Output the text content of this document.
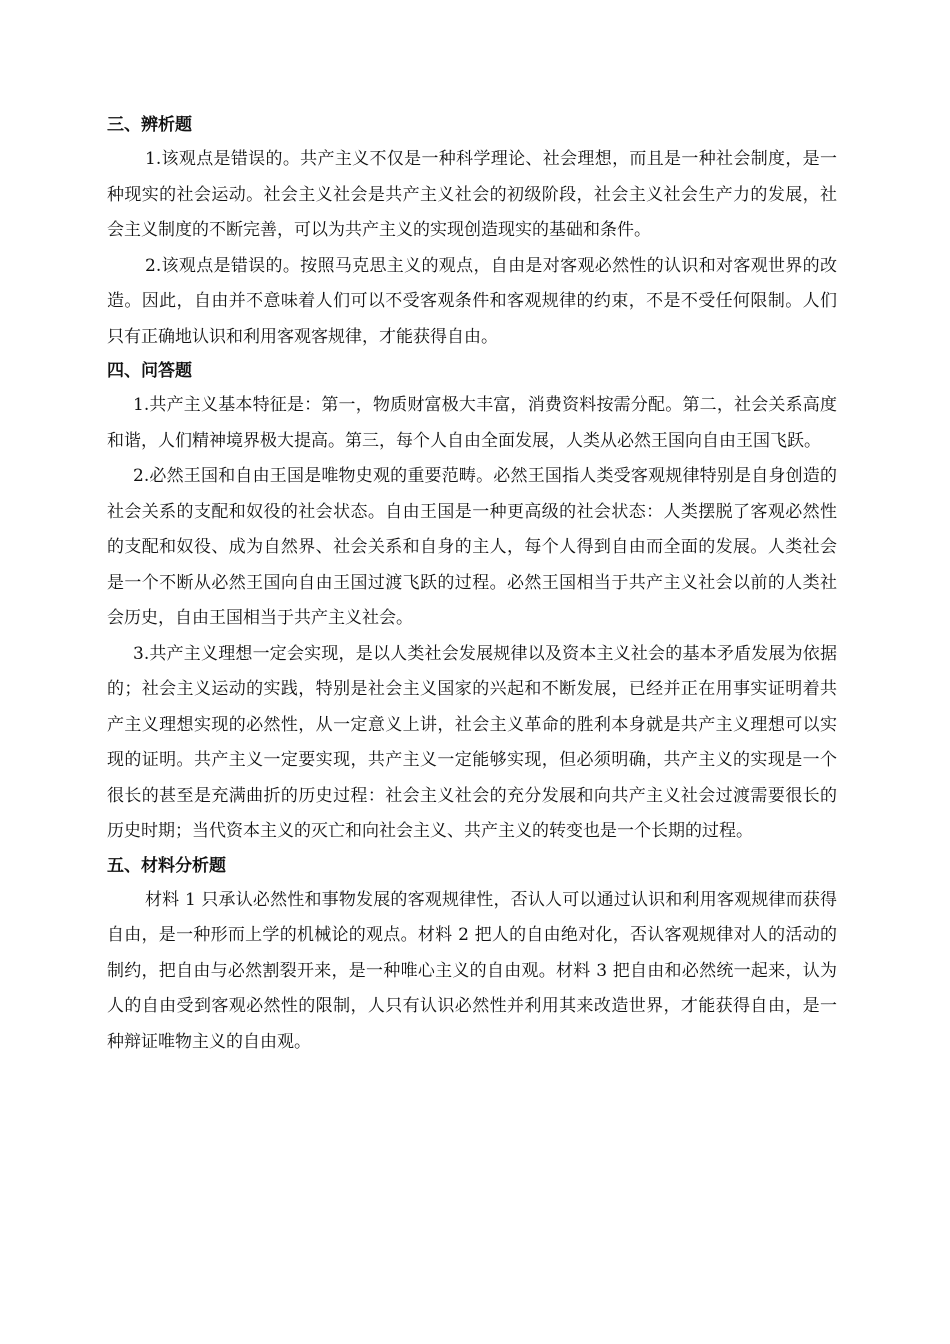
三、辨析题

1.该观点是错误的。共产主义不仅是一种科学理论、社会理想，而且是一种社会制度，是一种现实的社会运动。社会主义社会是共产主义社会的初级阶段，社会主义社会生产力的发展，社会主义制度的不断完善，可以为共产主义的实现创造现实的基础和条件。

2.该观点是错误的。按照马克思主义的观点，自由是对客观必然性的认识和对客观世界的改造。因此，自由并不意味着人们可以不受客观条件和客观规律的约束，不是不受任何限制。人们只有正确地认识和利用客观客规律，才能获得自由。

四、问答题

1.共产主义基本特征是：第一，物质财富极大丰富，消费资料按需分配。第二，社会关系高度和谐，人们精神境界极大提高。第三，每个人自由全面发展，人类从必然王国向自由王国飞跃。

2.必然王国和自由王国是唯物史观的重要范畴。必然王国指人类受客观规律特别是自身创造的社会关系的支配和奴役的社会状态。自由王国是一种更高级的社会状态：人类摆脱了客观必然性的支配和奴役、成为自然界、社会关系和自身的主人，每个人得到自由而全面的发展。人类社会是一个不断从必然王国向自由王国过渡飞跃的过程。必然王国相当于共产主义社会以前的人类社会历史，自由王国相当于共产主义社会。

3.共产主义理想一定会实现，是以人类社会发展规律以及资本主义社会的基本矛盾发展为依据的；社会主义运动的实践，特别是社会主义国家的兴起和不断发展，已经并正在用事实证明着共产主义理想实现的必然性，从一定意义上讲，社会主义革命的胜利本身就是共产主义理想可以实现的证明。共产主义一定要实现，共产主义一定能够实现，但必须明确，共产主义的实现是一个很长的甚至是充满曲折的历史过程：社会主义社会的充分发展和向共产主义社会过渡需要很长的历史时期；当代资本主义的灭亡和向社会主义、共产主义的转变也是一个长期的过程。

五、材料分析题

材料 1 只承认必然性和事物发展的客观规律性，否认人可以通过认识和利用客观规律而获得自由，是一种形而上学的机械论的观点。材料 2 把人的自由绝对化，否认客观规律对人的活动的制约，把自由与必然割裂开来，是一种唯心主义的自由观。材料 3 把自由和必然统一起来，认为人的自由受到客观必然性的限制，人只有认识必然性并利用其来改造世界，才能获得自由，是一种辩证唯物主义的自由观。
